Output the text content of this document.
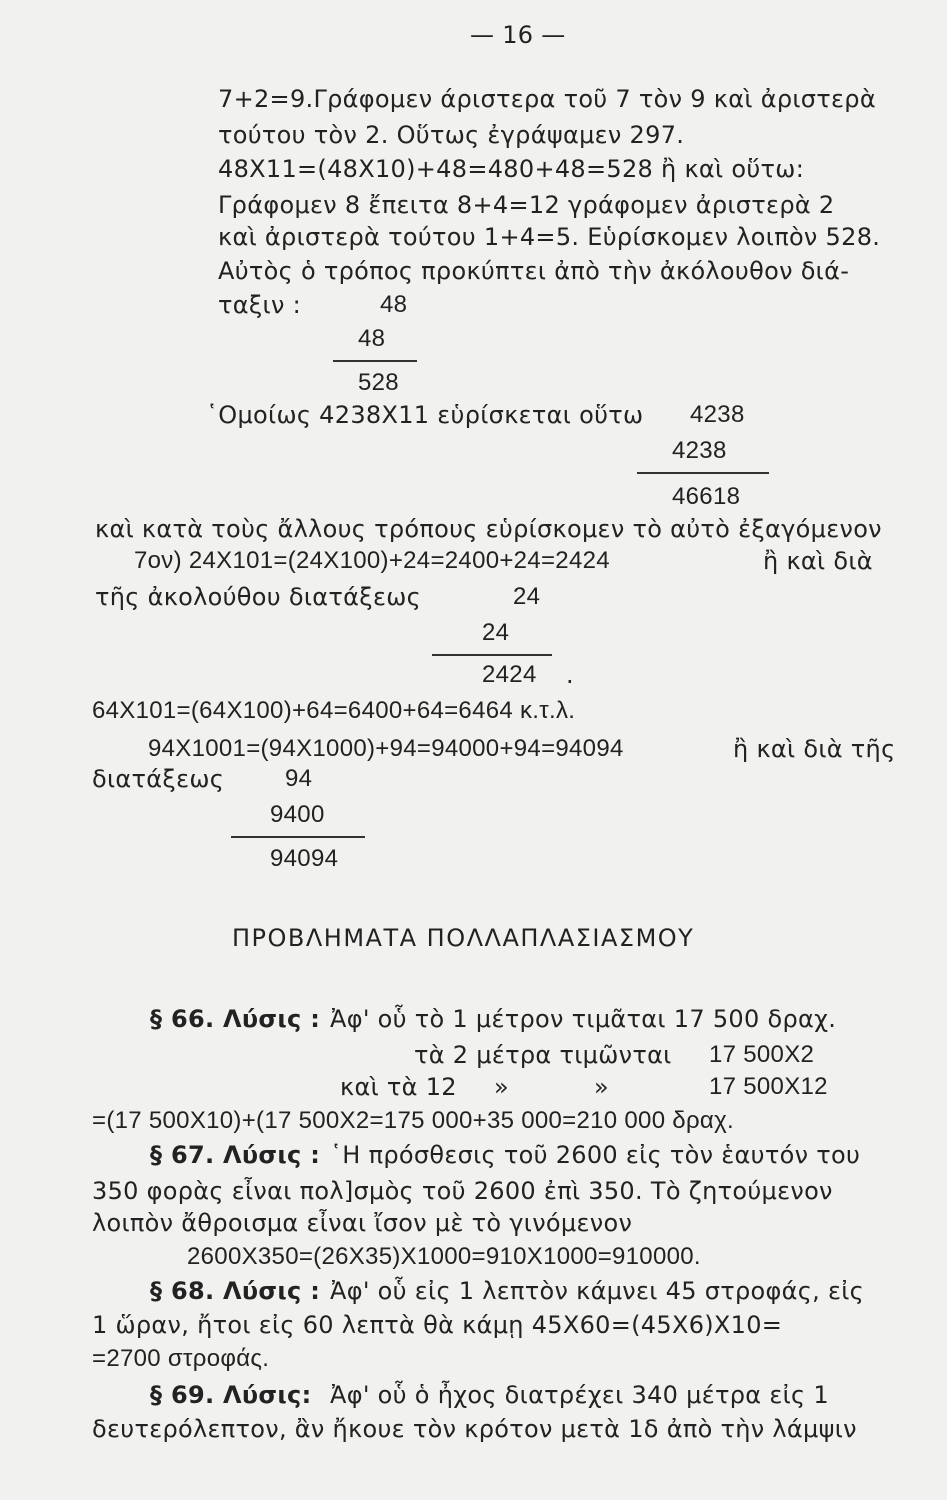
— 16 —
7+2=9.Γράφομεν άριστερα τοῦ 7 τὸν 9 καὶ ἀριστερὰ
τούτου τὸν 2. Οὕτως ἐγράψαμεν 297.
48X11=(48X10)+48=480+48=528 ἢ καὶ οὕτω:
Γράφομεν 8 ἔπειτα 8+4=12 γράφομεν ἀριστερὰ 2
καὶ ἀριστερὰ τούτου 1+4=5. Εὑρίσκομεν λοιπὸν 528.
Αὐτὸς ὁ τρόπος προκύπτει ἀπὸ τὴν ἀκόλουθον διά-
ταξιν :	48
48
528
῾Ομοίως 4238X11 εὑρίσκεται οὕτω 4238
4238
46618
καὶ κατὰ τοὺς ἄλλους τρόπους εὑρίσκομεν τὸ αὐτὸ ἐξαγόμενον
7ον) 24X101=(24X100)+24=2400+24=2424	ἢ καὶ διὰ
τῆς ἀκολούθου διατάξεως	24
24
2424 .
64X101=(64X100)+64=6400+64=6464 κ.τ.λ.
94X1001=(94X1000)+94=94000+94=94094	ἢ καὶ διὰ τῆς
διατάξεως	94
9400
94094
ΠΡΟΒΛΗΜΑΤΑ ΠΟΛΛΑΠΛΑΣΙΑΣΜΟΥ
§ 66. Λύσις : Ἀφ' οὗ τὸ 1 μέτρον τιμᾶται 17 500 δραχ.
τὰ 2 μέτρα τιμῶνται 17 500X2
καὶ τὰ 12 »	»	17 500X12
=(17 500X10)+(17 500X2=175 000+35 000=210 000 δραχ.
§ 67. Λύσις : ῾Η πρόσθεσις τοῦ 2600 εἰς τὸν ἑαυτόν του
350 φορὰς εἶναι πολ]σμὸς τοῦ 2600 ἐπὶ 350. Τὸ ζητούμενον
λοιπὸν ἄθροισμα εἶναι ἴσον μὲ τὸ γινόμενον
2600X350=(26X35)X1000=910X1000=910000.
§ 68. Λύσις : Ἀφ' οὗ εἰς 1 λεπτὸν κάμνει 45 στροφάς, εἰς
1 ὥραν, ἤτοι εἰς 60 λεπτὰ θὰ κάμῃ 45X60=(45X6)X10=
=2700 στροφάς.
§ 69. Λύσις: Ἀφ' οὗ ὁ ἦχος διατρέχει 340 μέτρα εἰς 1
δευτερόλεπτον, ἂν ἤκουε τὸν κρότον μετὰ 1δ ἀπὸ τὴν λάμψιν
